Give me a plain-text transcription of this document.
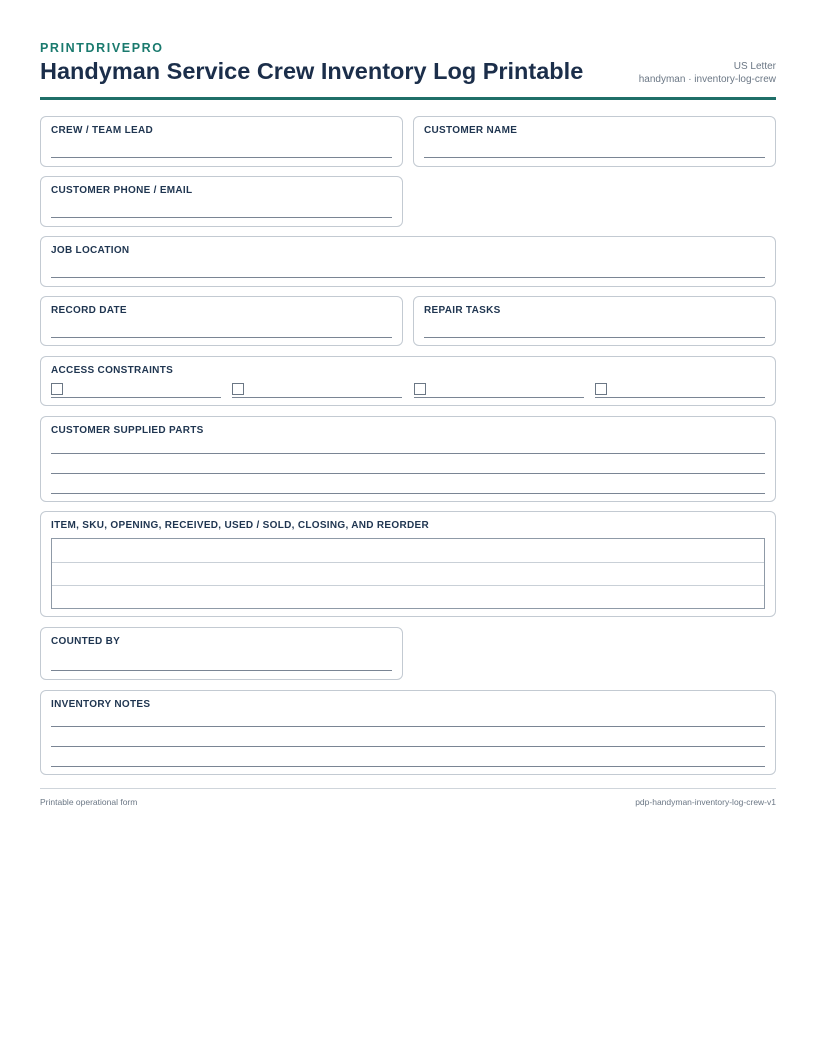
PRINTDRIVEPRO
Handyman Service Crew Inventory Log Printable	US Letter
handyman · inventory-log-crew
CREW / TEAM LEAD	CUSTOMER NAME
CUSTOMER PHONE / EMAIL
JOB LOCATION
RECORD DATE	REPAIR TASKS
ACCESS CONSTRAINTS
CUSTOMER SUPPLIED PARTS
ITEM, SKU, OPENING, RECEIVED, USED / SOLD, CLOSING, AND REORDER
COUNTED BY
INVENTORY NOTES
Printable operational form	pdp-handyman-inventory-log-crew-v1
